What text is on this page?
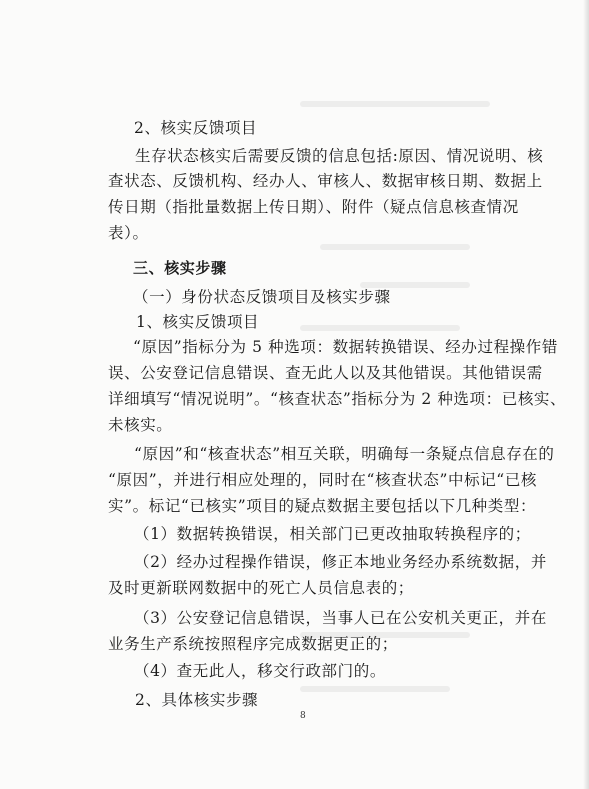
2、核实反馈项目
生存状态核实后需要反馈的信息包括:原因、情况说明、核
查状态、反馈机构、经办人、审核人、数据审核日期、数据上
传日期（指批量数据上传日期）、附件（疑点信息核查情况
表）。
三、核实步骤
（一）身份状态反馈项目及核实步骤
1、核实反馈项目
“原因”指标分为 5 种选项：数据转换错误、经办过程操作错
误、公安登记信息错误、查无此人以及其他错误。其他错误需
详细填写“情况说明”。“核查状态”指标分为 2 种选项：已核实、
未核实。
“原因”和“核查状态”相互关联，明确每一条疑点信息存在的
“原因”，并进行相应处理的，同时在“核查状态”中标记“已核
实”。标记“已核实”项目的疑点数据主要包括以下几种类型：
（1）数据转换错误，相关部门已更改抽取转换程序的；
（2）经办过程操作错误，修正本地业务经办系统数据，并
及时更新联网数据中的死亡人员信息表的；
（3）公安登记信息错误，当事人已在公安机关更正，并在
业务生产系统按照程序完成数据更正的；
（4）查无此人，移交行政部门的。
2、具体核实步骤
8
